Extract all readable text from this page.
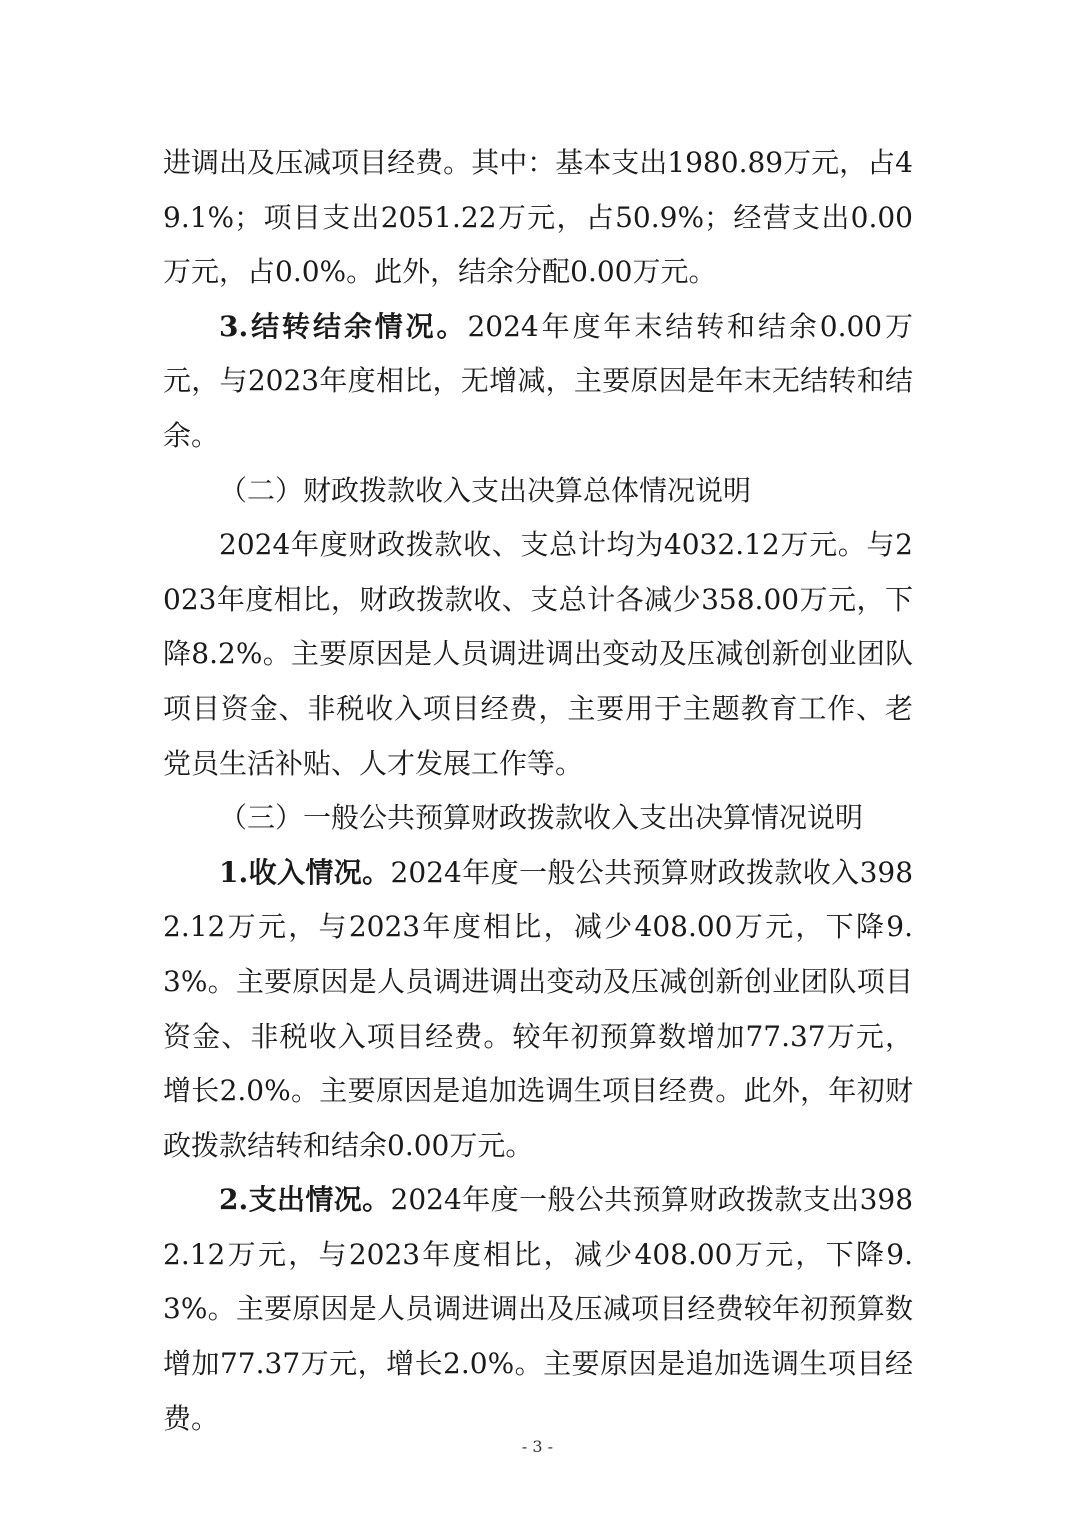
进调出及压减项目经费。其中：基本支出1980.89万元，占49.1%；项目支出2051.22万元，占50.9%；经营支出0.00万元，占0.0%。此外，结余分配0.00万元。

3.结转结余情况。2024年度年末结转和结余0.00万元，与2023年度相比，无增减，主要原因是年末无结转和结余。

（二）财政拨款收入支出决算总体情况说明

2024年度财政拨款收、支总计均为4032.12万元。与2023年度相比，财政拨款收、支总计各减少358.00万元，下降8.2%。主要原因是人员调进调出变动及压减创新创业团队项目资金、非税收入项目经费，主要用于主题教育工作、老党员生活补贴、人才发展工作等。

（三）一般公共预算财政拨款收入支出决算情况说明

1.收入情况。2024年度一般公共预算财政拨款收入3982.12万元，与2023年度相比，减少408.00万元，下降9.3%。主要原因是人员调进调出变动及压减创新创业团队项目资金、非税收入项目经费。较年初预算数增加77.37万元，增长2.0%。主要原因是追加选调生项目经费。此外，年初财政拨款结转和结余0.00万元。

2.支出情况。2024年度一般公共预算财政拨款支出3982.12万元，与2023年度相比，减少408.00万元，下降9.3%。主要原因是人员调进调出及压减项目经费较年初预算数增加77.37万元，增长2.0%。主要原因是追加选调生项目经费。

- 3 -
